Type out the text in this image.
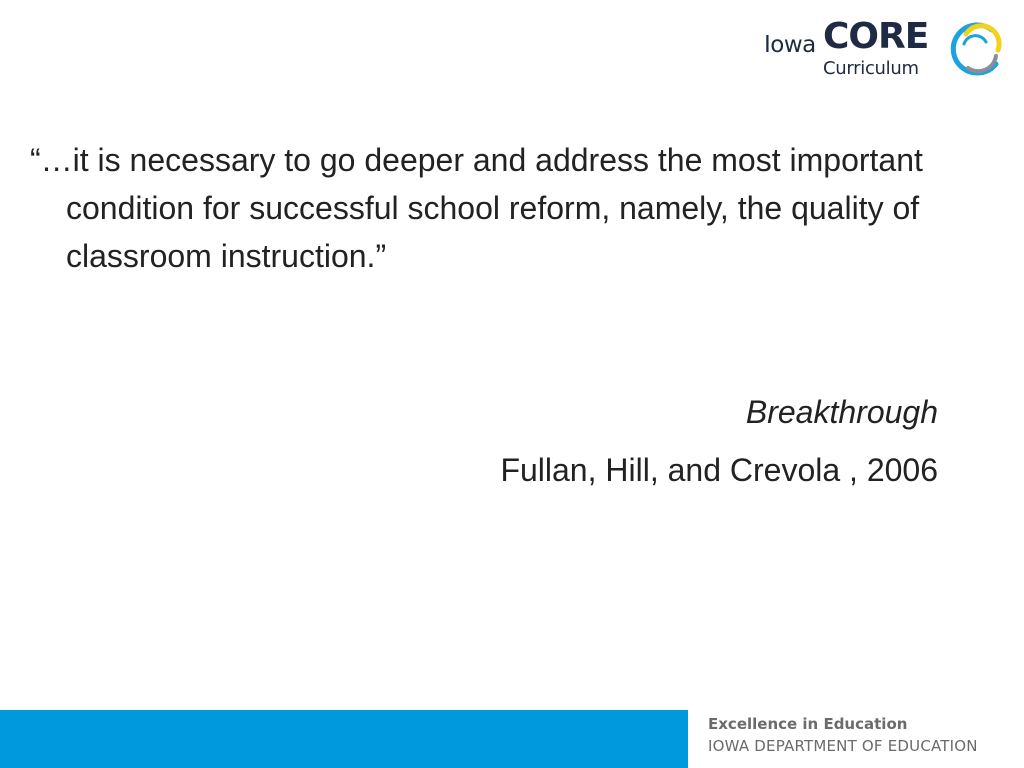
Iowa CORE
Curriculum

“…it is necessary to go deeper and address the most important condition for successful school reform, namely, the quality of classroom instruction.”

Breakthrough
Fullan, Hill, and Crevola , 2006
Excellence in Education
IOWA DEPARTMENT OF EDUCATION
